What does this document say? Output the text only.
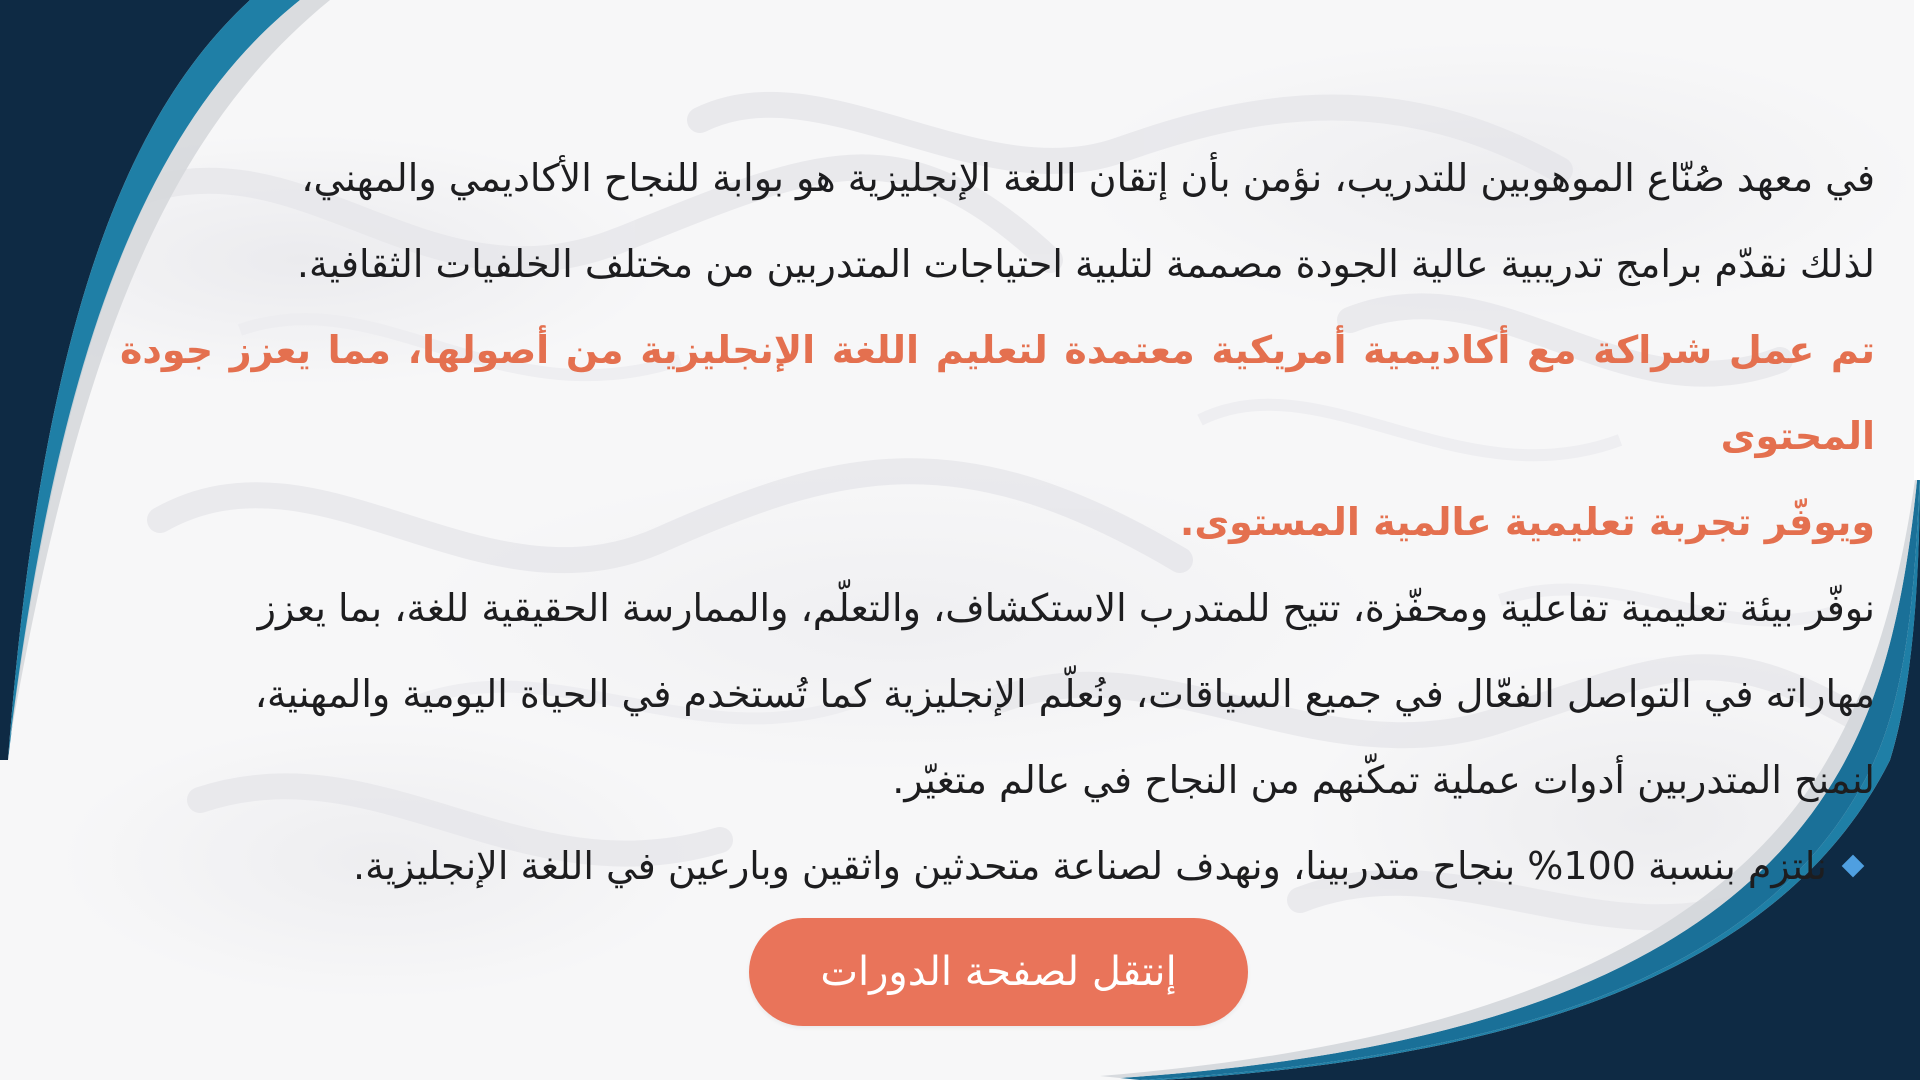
في معهد صُنّاع الموهوبين للتدريب، نؤمن بأن إتقان اللغة الإنجليزية هو بوابة للنجاح الأكاديمي والمهني،
لذلك نقدّم برامج تدريبية عالية الجودة مصممة لتلبية احتياجات المتدربين من مختلف الخلفيات الثقافية.

تم عمل شراكة مع أكاديمية أمريكية معتمدة لتعليم اللغة الإنجليزية من أصولها، مما يعزز جودة المحتوى
ويوفّر تجربة تعليمية عالمية المستوى.

نوفّر بيئة تعليمية تفاعلية ومحفّزة، تتيح للمتدرب الاستكشاف، والتعلّم، والممارسة الحقيقية للغة، بما يعزز
مهاراته في التواصل الفعّال في جميع السياقات، ونُعلّم الإنجليزية كما تُستخدم في الحياة اليومية والمهنية،
لنمنح المتدربين أدوات عملية تمكّنهم من النجاح في عالم متغيّر.

نلتزم بنسبة 100% بنجاح متدربينا، ونهدف لصناعة متحدثين واثقين وبارعين في اللغة الإنجليزية.
إنتقل لصفحة الدورات
